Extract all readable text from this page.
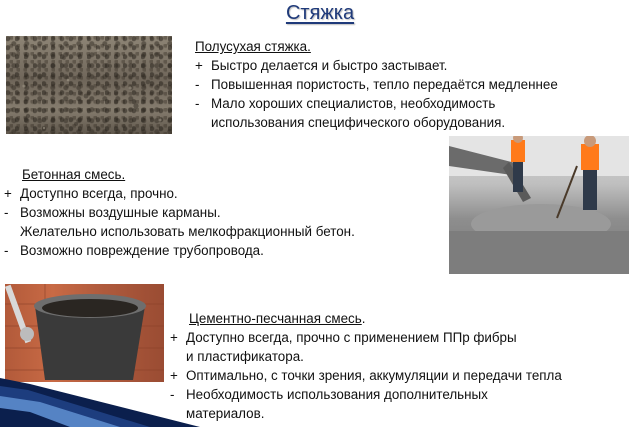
Стяжка
Полусухая стяжка.
+ Быстро делается и быстро застывает.
- Повышенная пористость, тепло передаётся медленнее
- Мало хороших специалистов, необходимость
использования специфического оборудования.
Бетонная смесь.
+ Доступно всегда, прочно.
- Возможны воздушные карманы.
Желательно использовать мелкофракционный бетон.
- Возможно повреждение трубопровода.
Цементно-песчанная смесь.
+ Доступно всегда, прочно с применением ППр фибры
и пластификатора.
+ Оптимально, с точки зрения, аккумуляции и передачи тепла
- Необходимость использования дополнительных
материалов.
